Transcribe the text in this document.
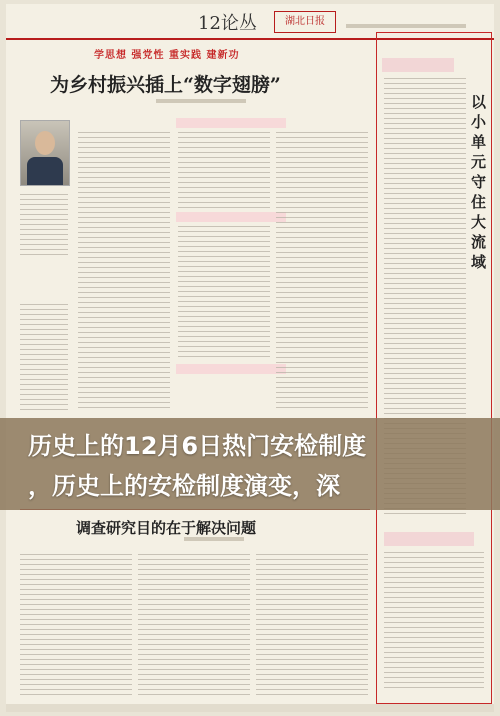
12论丛	湖北日报
学思想 强党性 重实践 建新功
为乡村振兴插上“数字翅膀”
调查研究目的在于解决问题
以小单元守住大流域
历史上的12月6日热门安检制度
，历史上的安检制度演变，深
